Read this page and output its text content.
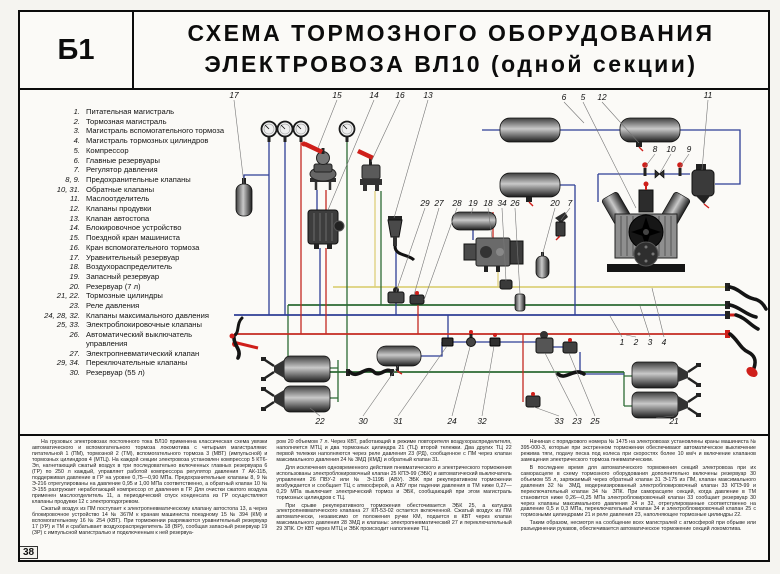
Б1
СХЕМА ТОРМОЗНОГО ОБОРУДОВАНИЯ
ЭЛЕКТРОВОЗА ВЛ10 (одной секции)
1. Питательная магистраль
2. Тормозная магистраль
3. Магистраль вспомогательного тормоза
4. Магистраль тормозных цилиндров
5. Компрессор
6. Главные резервуары
7. Регулятор давления
8, 9. Предохранительные клапаны
10, 31. Обратные клапаны
11. Маслоотделитель
12. Клапаны продувки
13. Клапан автостопа
14. Блокировочное устройство
15. Поездной кран машиниста
16. Кран вспомогательного тормоза
17. Уравнительный резервуар
18. Воздухораспределитель
19. Запасный резервуар
20. Резервуар (7 л)
21, 22. Тормозные цилиндры
23. Реле давления
24, 28, 32. Клапаны максимального давления
25, 33. Электроблокировочные клапаны
26. Автоматический выключатель управления
27. Электропневматический клапан
29, 34. Переключательные клапаны
30. Резервуар (55 л)
17	15	14 16 13	6 5 12	11
8 10 9
29 27 28 19 18 34 26	20 7
22	30	31	24 32	33 23 25	21
1 2 3 4

На грузовых электровозах постоянного тока ВЛ10 применена классическая схема увязки автоматического и вспомогательного тормоза локомотива с четырьмя магистралями: питательной 1 (ПМ), тормозной 2 (ТМ), вспомогательного тормоза 3 (МВТ) (импульсной) и тормозных цилиндров 4 (МТЦ). На каждой секции электровоза установлен компрессор 5 КТ6-Эл, нагнетающий сжатый воздух в три последовательно включенных главных резервуара 6 (ГР) по 250 л каждый, управляет работой компрессора регулятор давления 7 АК-11Б, поддерживая давление в ГР на уровне 0,75—0,90 МПа. Предохранительные клапаны 8, 9 № Э-216 отрегулированы на давление 0,95 и 1,00 МПа соответственно, а обратный клапан 10 № Э-155 разгружает неработающий компрессор от давления в ГР. Для очистки сжатого воздуха применен маслоотделитель 11, а периодический спуск конденсата из ГР осуществляют клапаны продувки 12 с электроподогревом.

Сжатый воздух из ПМ поступает к электропневматическому клапану автостопа 13, а через блокировочное устройство 14 № 367М к кранам машиниста поездному 15 № 394 (КМ) и вспомогательному 16 № 254 (КВТ). При торможении разряжаются уравнительный резервуар 17 (УР) и ТМ и срабатывает воздухораспределитель 18 (ВР), сообщая запасный резервуар 19 (ЗР) с импульсной магистралью и подключенным к ней резервуа-

ром 20 объемом 7 л. Через КВТ, работающий в режиме повторителя воздухораспределителя, наполняется МТЦ и два тормозных цилиндра 21 (ТЦ) второй тележки. Два других ТЦ 22 первой тележки наполняются через реле давления 23 (РД), сообщенное с ПМ через клапан максимального давления 24 № ЗМД (КМД) и обратный клапан 31.

Для исключения одновременного действия пневматического и электрического торможения использованы электроблокировочный клапан 25 КПЭ-99 (ЭБК) и автоматический выключатель управления 26 ПВУ-2 или № Э-119Б (АВУ). ЭБК при рекуперативном торможении возбуждается и сообщает ТЦ с атмосферой, а АВУ при падении давления в ТМ ниже 0,27—0,29 МПа выключает электрический тормоз и ЭБК, сообщающий при этом магистраль тормозных цилиндров с ТЦ.

При срыве рекуперативного торможения обесточивается ЭБК 25, а катушка электропневматического клапана 27 КП-53-02 остается включенной. Сжатый воздух из ПМ автоматически, независимо от положения ручки КМ, подается в КВТ через клапан максимального давления 28 ЗМД и клапаны: электропневматический 27 и переключательный 29 ЗПК. От КВТ через МТЦ и ЭБК происходит наполнение ТЦ.

Начиная с порядкового номера № 1475 на электровозах установлены краны машиниста № 395-000-3, которые при экстренном торможении обеспечивают автоматическое выключение режима тяги, подачу песка под колеса при скоростях более 10 км/ч и включение клапанов замещения электрического тормоза пневматическим.

В последнее время для автоматического торможения секций электровоза при их саморасцепе в схему тормозного оборудования дополнительно включены резервуар 30 объемом 55 л, заряжаемый через обратный клапан 31 Э-175 из ПМ, клапан максимального давления 32 № ЗМД, модернизированный электроблокировочный клапан 33 КПЭ-99 и переключательный клапан 34 № ЗПК. При саморасцепе секций, когда давление в ТМ становится ниже 0,26—0,25 МПа электроблокировочный клапан 33 сообщает резервуар 30 через клапаны максимального давления 24 и 32, отрегулированные соответственно на давление 0,5 и 0,3 МПа, переключательный клапан 34 и электроблокировочный клапан 25 с тормозными цилиндрами 21 и реле давления 23, наполняющее тормозные цилиндры 22.

Таким образом, несмотря на сообщение всех магистралей с атмосферой при обрыве или разъединении рукавов, обеспечивается автоматическое торможение секций локомотива.

38
